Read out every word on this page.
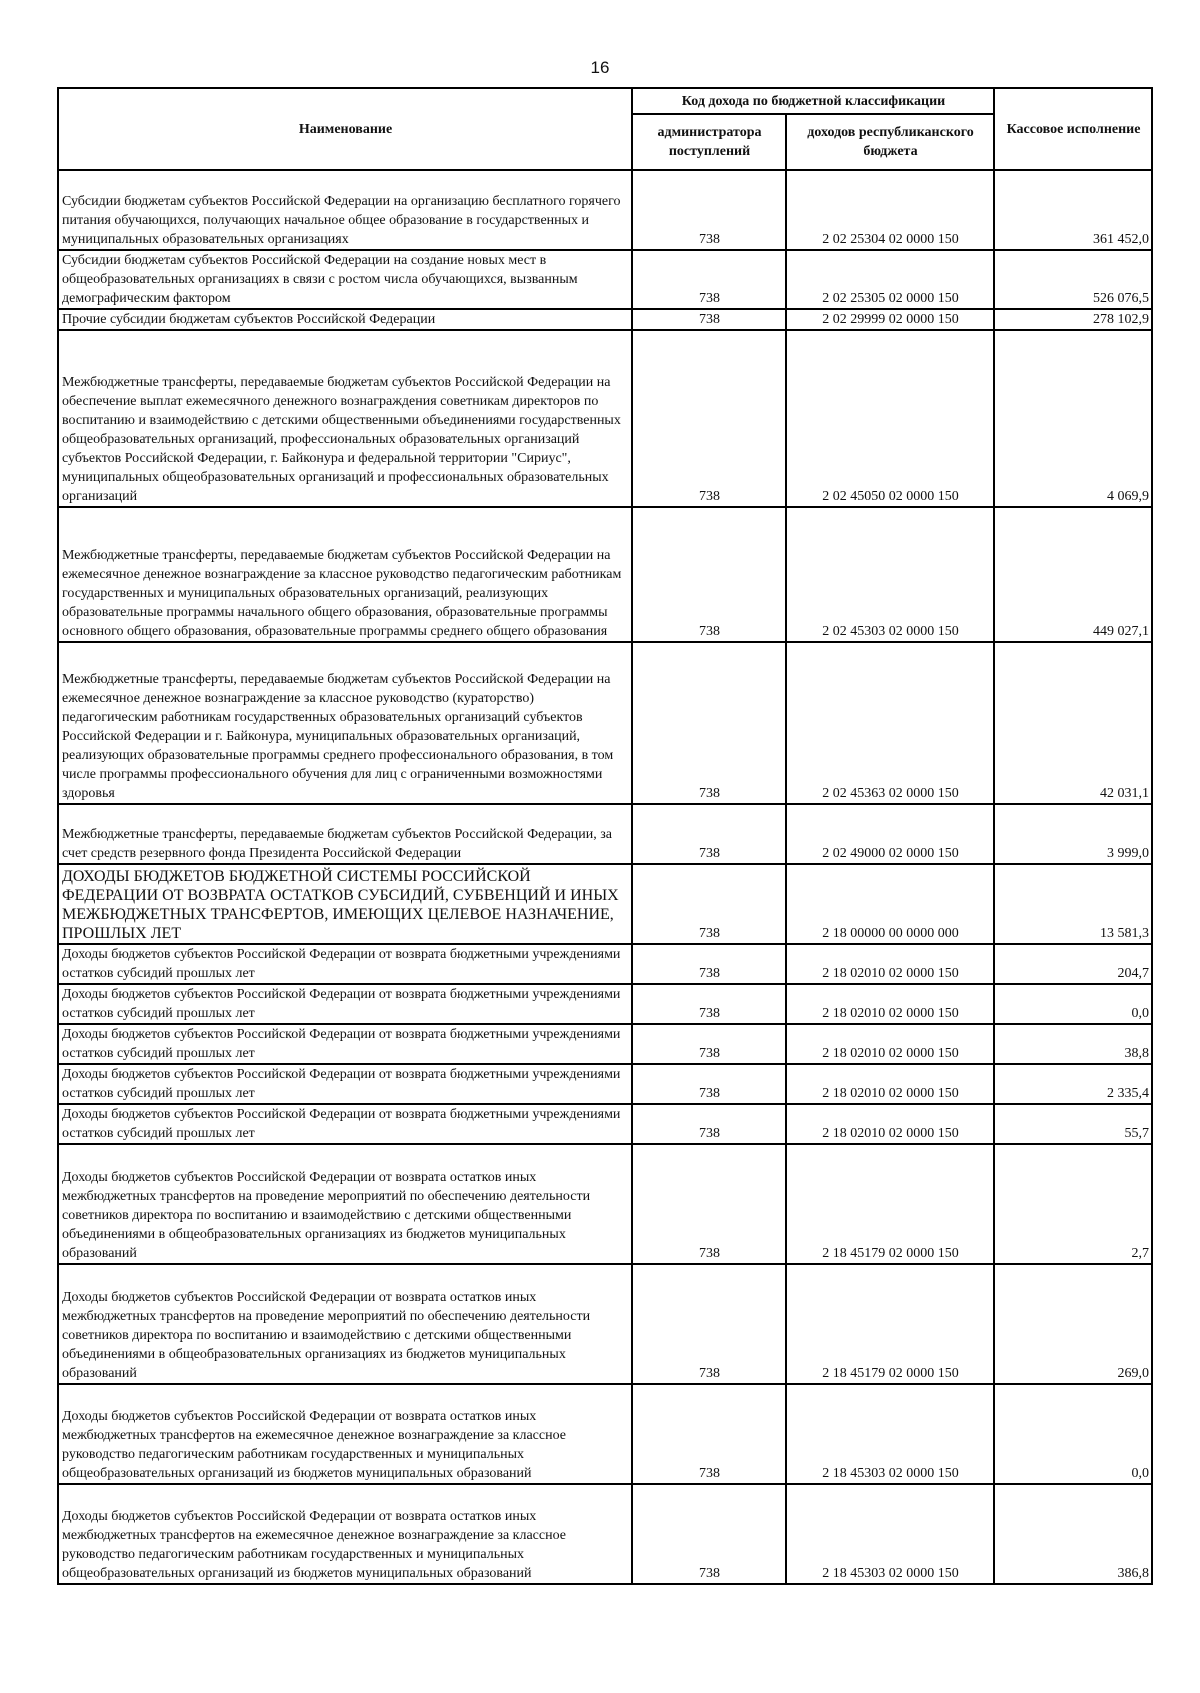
16
Наименование	Код дохода по бюджетной классификации		Кассовое исполнение
	администратора поступлений	доходов республиканского бюджета	
Субсидии бюджетам субъектов Российской Федерации на организацию бесплатного горячего питания обучающихся, получающих начальное общее образование в государственных и муниципальных образовательных организациях	738	2 02 25304 02 0000 150	361 452,0
Субсидии бюджетам субъектов Российской Федерации на создание новых мест в общеобразовательных организациях в связи с ростом числа обучающихся, вызванным демографическим фактором	738	2 02 25305 02 0000 150	526 076,5
Прочие субсидии бюджетам субъектов Российской Федерации	738	2 02 29999 02 0000 150	278 102,9
Межбюджетные трансферты, передаваемые бюджетам субъектов Российской Федерации на обеспечение выплат ежемесячного денежного вознаграждения советникам директоров по воспитанию и взаимодействию с детскими общественными объединениями государственных общеобразовательных организаций, профессиональных образовательных организаций субъектов Российской Федерации, г. Байконура и федеральной территории "Сириус", муниципальных общеобразовательных организаций и профессиональных образовательных организаций	738	2 02 45050 02 0000 150	4 069,9
Межбюджетные трансферты, передаваемые бюджетам субъектов Российской Федерации на ежемесячное денежное вознаграждение за классное руководство педагогическим работникам государственных и муниципальных образовательных организаций, реализующих образовательные программы начального общего образования, образовательные программы основного общего образования, образовательные программы среднего общего образования	738	2 02 45303 02 0000 150	449 027,1
Межбюджетные трансферты, передаваемые бюджетам субъектов Российской Федерации на ежемесячное денежное вознаграждение за классное руководство (кураторство) педагогическим работникам государственных образовательных организаций субъектов Российской Федерации и г. Байконура, муниципальных образовательных организаций, реализующих образовательные программы среднего профессионального образования, в том числе программы профессионального обучения для лиц с ограниченными возможностями здоровья	738	2 02 45363 02 0000 150	42 031,1
Межбюджетные трансферты, передаваемые бюджетам субъектов Российской Федерации, за счет средств резервного фонда Президента Российской Федерации	738	2 02 49000 02 0000 150	3 999,0
ДОХОДЫ БЮДЖЕТОВ БЮДЖЕТНОЙ СИСТЕМЫ РОССИЙСКОЙ ФЕДЕРАЦИИ ОТ ВОЗВРАТА ОСТАТКОВ СУБСИДИЙ, СУБВЕНЦИЙ И ИНЫХ МЕЖБЮДЖЕТНЫХ ТРАНСФЕРТОВ, ИМЕЮЩИХ ЦЕЛЕВОЕ НАЗНАЧЕНИЕ, ПРОШЛЫХ ЛЕТ	738	2 18 00000 00 0000 000	13 581,3
Доходы бюджетов субъектов Российской Федерации от возврата бюджетными учреждениями остатков субсидий прошлых лет	738	2 18 02010 02 0000 150	204,7
Доходы бюджетов субъектов Российской Федерации от возврата бюджетными учреждениями остатков субсидий прошлых лет	738	2 18 02010 02 0000 150	0,0
Доходы бюджетов субъектов Российской Федерации от возврата бюджетными учреждениями остатков субсидий прошлых лет	738	2 18 02010 02 0000 150	38,8
Доходы бюджетов субъектов Российской Федерации от возврата бюджетными учреждениями остатков субсидий прошлых лет	738	2 18 02010 02 0000 150	2 335,4
Доходы бюджетов субъектов Российской Федерации от возврата бюджетными учреждениями остатков субсидий прошлых лет	738	2 18 02010 02 0000 150	55,7
Доходы бюджетов субъектов Российской Федерации от возврата остатков иных межбюджетных трансфертов на проведение мероприятий по обеспечению деятельности советников директора по воспитанию и взаимодействию с детскими общественными объединениями в общеобразовательных организациях из бюджетов муниципальных образований	738	2 18 45179 02 0000 150	2,7
Доходы бюджетов субъектов Российской Федерации от возврата остатков иных межбюджетных трансфертов на проведение мероприятий по обеспечению деятельности советников директора по воспитанию и взаимодействию с детскими общественными объединениями в общеобразовательных организациях из бюджетов муниципальных образований	738	2 18 45179 02 0000 150	269,0
Доходы бюджетов субъектов Российской Федерации от возврата остатков иных межбюджетных трансфертов на ежемесячное денежное вознаграждение за классное руководство педагогическим работникам государственных и муниципальных общеобразовательных организаций из бюджетов муниципальных образований	738	2 18 45303 02 0000 150	0,0
Доходы бюджетов субъектов Российской Федерации от возврата остатков иных межбюджетных трансфертов на ежемесячное денежное вознаграждение за классное руководство педагогическим работникам государственных и муниципальных общеобразовательных организаций из бюджетов муниципальных образований	738	2 18 45303 02 0000 150	386,8
